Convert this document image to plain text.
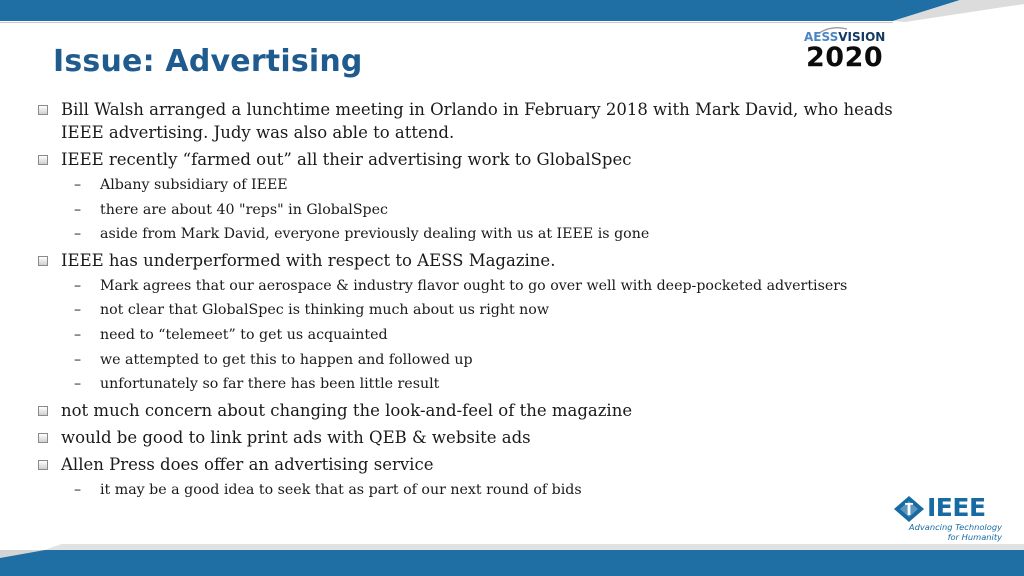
Issue: Advertising
AESSVISION
2020
Bill Walsh arranged a lunchtime meeting in Orlando in February 2018 with Mark David, who heads IEEE advertising. Judy was also able to attend.
IEEE recently “farmed out” all their advertising work to GlobalSpec
– Albany subsidiary of IEEE
– there are about 40 "reps" in GlobalSpec
– aside from Mark David, everyone previously dealing with us at IEEE is gone
IEEE has underperformed with respect to AESS Magazine.
– Mark agrees that our aerospace & industry flavor ought to go over well with deep-pocketed advertisers
– not clear that GlobalSpec is thinking much about us right now
– need to “telemeet” to get us acquainted
– we attempted to get this to happen and followed up
– unfortunately so far there has been little result
not much concern about changing the look-and-feel of the magazine
would be good to link print ads with QEB & website ads
Allen Press does offer an advertising service
– it may be a good idea to seek that as part of our next round of bids
IEEE
Advancing Technology
for Humanity
